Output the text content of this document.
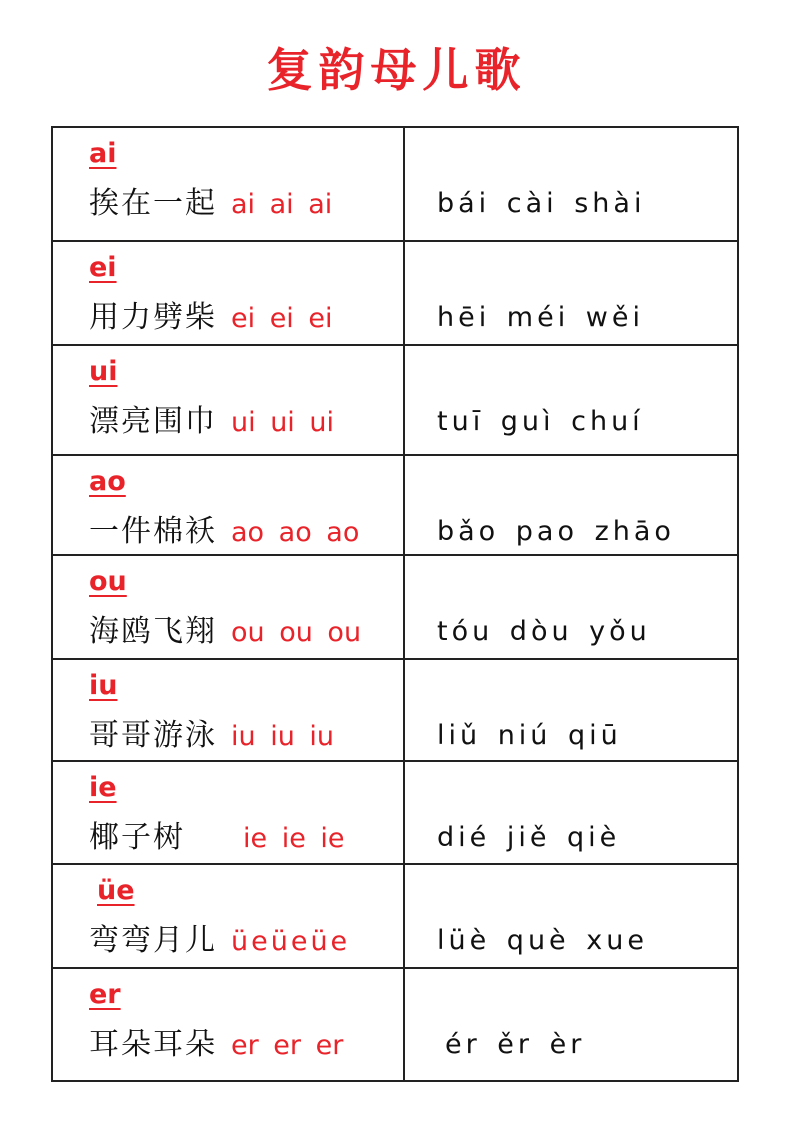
复韵母儿歌
ai
挨在一起 ai ai ai	bái cài shài

ei
用力劈柴 ei ei ei	hēi méi wěi

ui
漂亮围巾 ui ui ui	tuī guì chuí

ao
一件棉袄 ao ao ao	bǎo pao zhāo

ou
海鸥飞翔 ou ou ou	tóu dòu yǒu

iu
哥哥游泳 iu iu iu	liǔ niú qiū

ie
椰子树 ie ie ie	dié jiě qiè

üe
弯弯月儿 üeüeüe	lüè què xue

er
耳朵耳朵 er er er	ér ěr èr
